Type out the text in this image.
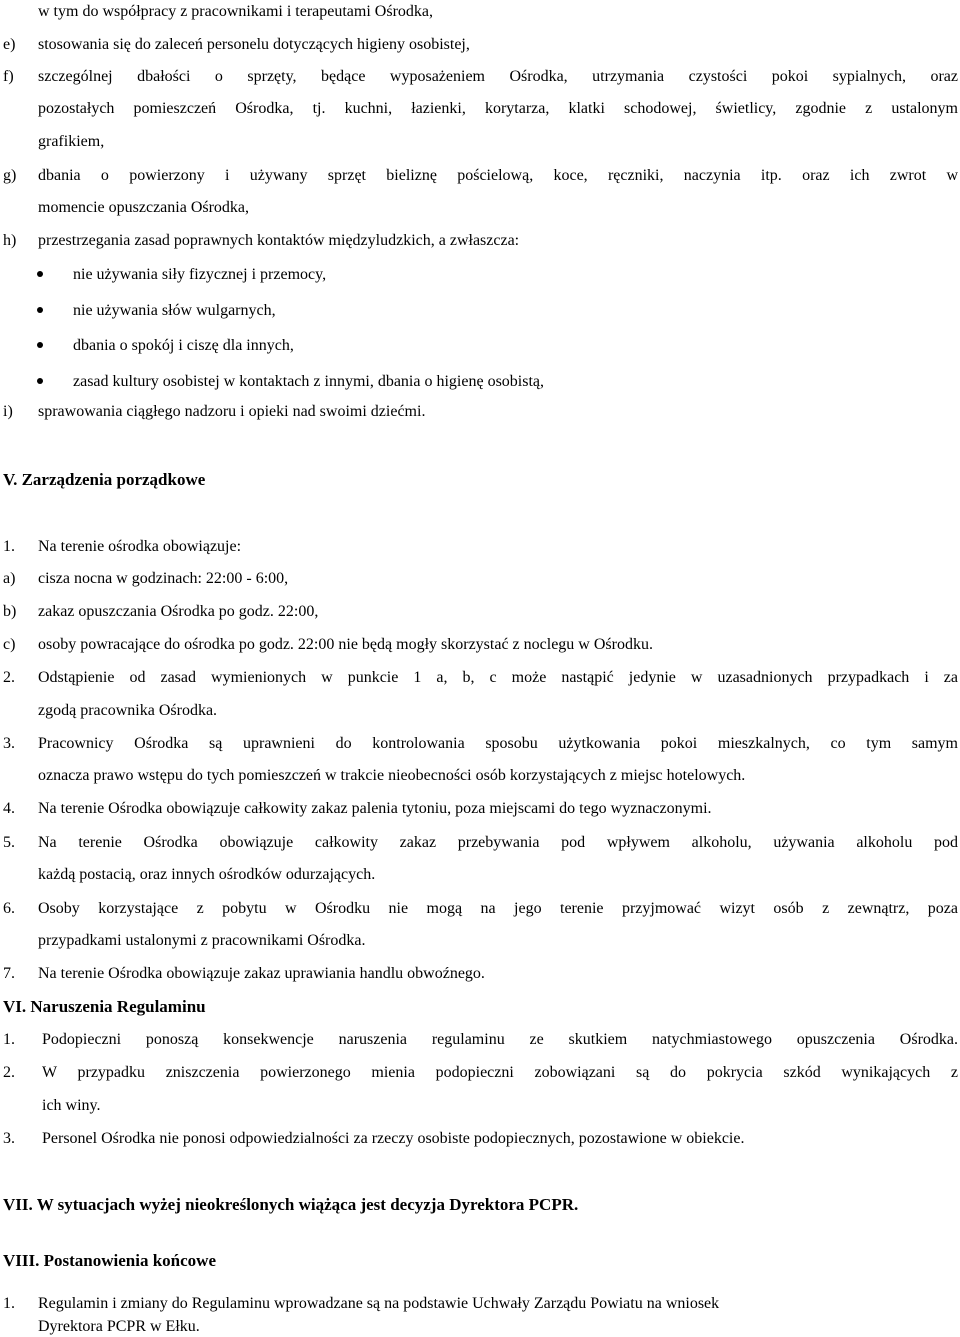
w tym do współpracy z pracownikami i terapeutami Ośrodka,
e) stosowania się do zaleceń personelu dotyczących higieny osobistej,
f) szczególnej dbałości o sprzęty, będące wyposażeniem Ośrodka, utrzymania czystości pokoi sypialnych, oraz
pozostałych pomieszczeń Ośrodka, tj. kuchni, łazienki, korytarza, klatki schodowej, świetlicy, zgodnie z ustalonym
grafikiem,
g) dbania o powierzony i używany sprzęt bieliznę pościelową, koce, ręczniki, naczynia itp. oraz ich zwrot w
momencie opuszczania Ośrodka,
h) przestrzegania zasad poprawnych kontaktów międzyludzkich, a zwłaszcza:
nie używania siły fizycznej i przemocy,
nie używania słów wulgarnych,
dbania o spokój i ciszę dla innych,
zasad kultury osobistej w kontaktach z innymi, dbania o higienę osobistą,
i) sprawowania ciągłego nadzoru i opieki nad swoimi dziećmi.
V. Zarządzenia porządkowe
1. Na terenie ośrodka obowiązuje:
a) cisza nocna w godzinach: 22:00 - 6:00,
b) zakaz opuszczania Ośrodka po godz. 22:00,
c) osoby powracające do ośrodka po godz. 22:00 nie będą mogły skorzystać z noclegu w Ośrodku.
2. Odstąpienie od zasad wymienionych w punkcie 1 a, b, c może nastąpić jedynie w uzasadnionych przypadkach i za
zgodą pracownika Ośrodka.
3. Pracownicy Ośrodka są uprawnieni do kontrolowania sposobu użytkowania pokoi mieszkalnych, co tym samym
oznacza prawo wstępu do tych pomieszczeń w trakcie nieobecności osób korzystających z miejsc hotelowych.
4. Na terenie Ośrodka obowiązuje całkowity zakaz palenia tytoniu, poza miejscami do tego wyznaczonymi.
5. Na terenie Ośrodka obowiązuje całkowity zakaz przebywania pod wpływem alkoholu, używania alkoholu pod
każdą postacią, oraz innych ośrodków odurzających.
6. Osoby korzystające z pobytu w Ośrodku nie mogą na jego terenie przyjmować wizyt osób z zewnątrz, poza
przypadkami ustalonymi z pracownikami Ośrodka.
7. Na terenie Ośrodka obowiązuje zakaz uprawiania handlu obwoźnego.
VI. Naruszenia Regulaminu
1. Podopieczni ponoszą konsekwencje naruszenia regulaminu ze skutkiem natychmiastowego opuszczenia Ośrodka.
2. W przypadku zniszczenia powierzonego mienia podopieczni zobowiązani są do pokrycia szkód wynikających z
ich winy.
3. Personel Ośrodka nie ponosi odpowiedzialności za rzeczy osobiste podopiecznych, pozostawione w obiekcie.
VII. W sytuacjach wyżej nieokreślonych wiążąca jest decyzja Dyrektora PCPR.
VIII. Postanowienia końcowe
1. Regulamin i zmiany do Regulaminu wprowadzane są na podstawie Uchwały Zarządu Powiatu na wniosek
Dyrektora PCPR w Ełku.
